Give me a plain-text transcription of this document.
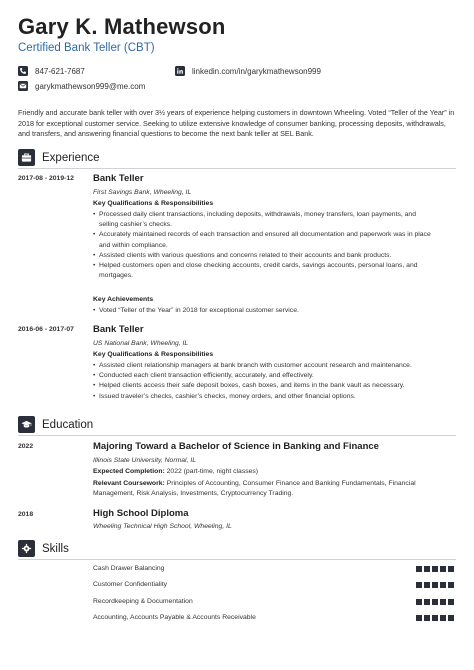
Gary K. Mathewson
Certified Bank Teller (CBT)
847-621-7687
garykmathewson999@me.com
linkedin.com/in/garykmathewson999
Friendly and accurate bank teller with over 3½ years of experience helping customers in downtown Wheeling. Voted “Teller of the Year” in
2018 for exceptional customer service. Seeking to utilize extensive knowledge of consumer banking, processing deposits, withdrawals,
and transfers, and answering financial questions to become the next bank teller at SEL Bank.
Experience
2017-08 - 2019-12 Bank Teller
First Savings Bank, Wheeling, IL
Key Qualifications & Responsibilities
• Processed daily client transactions, including deposits, withdrawals, money transfers, loan payments, and
selling cashier’s checks.
• Accurately maintained records of each transaction and ensured all documentation and paperwork was in place
and within compliance.
• Assisted clients with various questions and concerns related to their accounts and bank products.
• Helped customers open and close checking accounts, credit cards, savings accounts, personal loans, and
mortgages.
Key Achievements
• Voted “Teller of the Year” in 2018 for exceptional customer service.
2016-06 - 2017-07 Bank Teller
US National Bank, Wheeling, IL
Key Qualifications & Responsibilities
• Assisted client relationship managers at bank branch with customer account research and maintenance.
• Conducted each client transaction efficiently, accurately, and effectively.
• Helped clients access their safe deposit boxes, cash boxes, and items in the bank vault as necessary.
• Issued traveler’s checks, cashier’s checks, money orders, and other financial options.
Education
2022	Majoring Toward a Bachelor of Science in Banking and Finance
Illinois State University, Normal, IL
Expected Completion: 2022 (part-time, night classes)
Relevant Coursework: Principles of Accounting, Consumer Finance and Banking Fundamentals, Financial
Management, Risk Analysis, Investments, Cryptocurrency Trading.
2018	High School Diploma
Wheeling Technical High School, Wheeling, IL
Skills
Cash Drawer Balancing
Customer Confidentiality
Recordkeeping & Documentation
Accounting, Accounts Payable & Accounts Receivable
